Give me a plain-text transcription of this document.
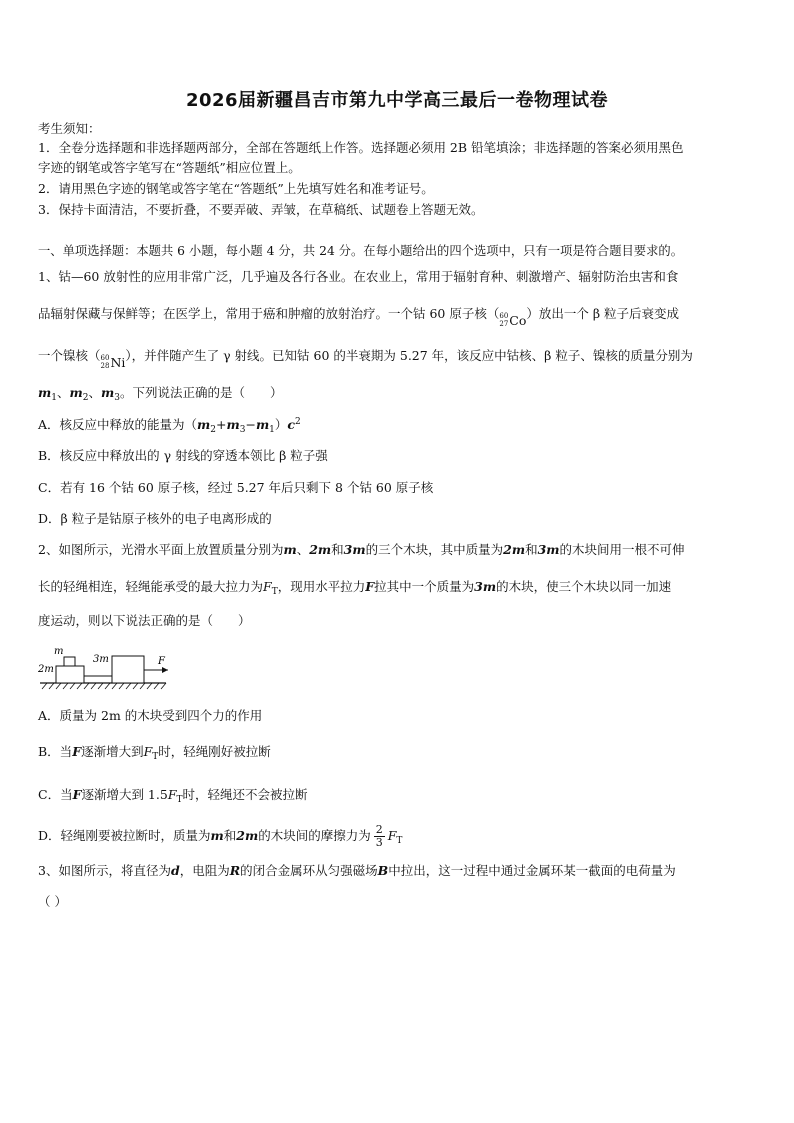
2026届新疆昌吉市第九中学高三最后一卷物理试卷
考生须知：
1．全卷分选择题和非选择题两部分，全部在答题纸上作答。选择题必须用 2B 铅笔填涂；非选择题的答案必须用黑色
字迹的钢笔或答字笔写在“答题纸”相应位置上。
2．请用黑色字迹的钢笔或答字笔在“答题纸”上先填写姓名和准考证号。
3．保持卡面清洁，不要折叠，不要弄破、弄皱，在草稿纸、试题卷上答题无效。
一、单项选择题：本题共 6 小题，每小题 4 分，共 24 分。在每小题给出的四个选项中，只有一项是符合题目要求的。
1、钴—60 放射性的应用非常广泛，几乎遍及各行各业。在农业上，常用于辐射育种、刺激增产、辐射防治虫害和食
品辐射保藏与保鲜等；在医学上，常用于癌和肿瘤的放射治疗。一个钴 60 原子核（ 60
27 Co ）放出一个 β 粒子后衰变成
一个镍核（ 60
28 Ni ），并伴随产生了 γ 射线。已知钴 60 的半衰期为 5.27 年，该反应中钴核、β 粒子、镍核的质量分别为
$m_1$、$m_2$、$m_3$。下列说法正确的是（　　）
A．核反应中释放的能量为$(m_2+m_3-m_1)c^2$
B．核反应中释放出的 γ 射线的穿透本领比 β 粒子强
C．若有 16 个钴 60 原子核，经过 5.27 年后只剩下 8 个钴 60 原子核
D．β 粒子是钴原子核外的电子电离形成的
2、如图所示，光滑水平面上放置质量分别为m、2m和3m的三个木块，其中质量为2m和3m的木块间用一根不可伸
长的轻绳相连，轻绳能承受的最大拉力为$F_T$，现用水平拉力F拉其中一个质量为3m的木块，使三个木块以同一加速
度运动，则以下说法正确的是（　　）
m
2m
3m	F
A．质量为 2m 的木块受到四个力的作用
B．当F逐渐增大到$F_T$时，轻绳刚好被拉断
C．当F逐渐增大到 $1.5F_T$时，轻绳还不会被拉断
D．轻绳刚要被拉断时，质量为m和2m的木块间的摩擦力为 $\frac{2}{3} F_T$
3、如图所示，将直径为d，电阻为R的闭合金属环从匀强磁场B中拉出，这一过程中通过金属环某一截面的电荷量为
（ ）
